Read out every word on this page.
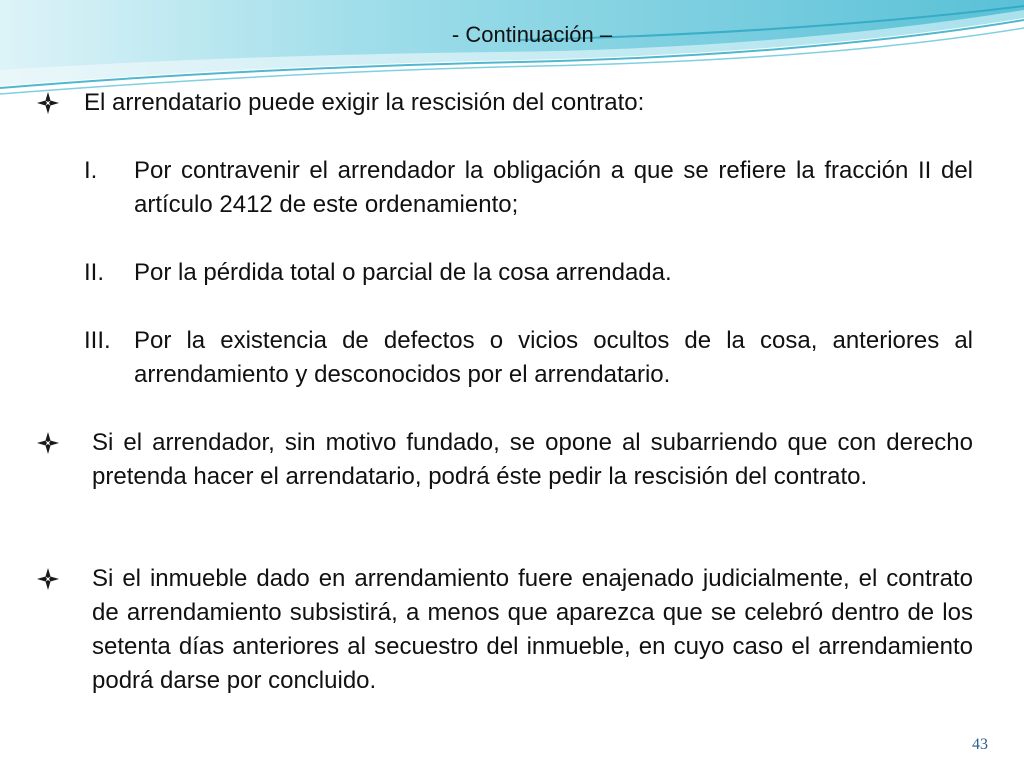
- Continuación –
El arrendatario puede exigir la rescisión del contrato:
I. Por contravenir el arrendador la obligación a que se refiere la fracción II del artículo 2412 de este ordenamiento;
II. Por la pérdida total o parcial de la cosa arrendada.
III. Por la existencia de defectos o vicios ocultos de la cosa, anteriores al arrendamiento y desconocidos por el arrendatario.
Si el arrendador, sin motivo fundado, se opone al subarriendo que con derecho pretenda hacer el arrendatario, podrá éste pedir la rescisión del contrato.
Si el inmueble dado en arrendamiento fuere enajenado judicialmente, el contrato de arrendamiento subsistirá, a menos que aparezca que se celebró dentro de los setenta días anteriores al secuestro del inmueble, en cuyo caso el arrendamiento podrá darse por concluido.
43
